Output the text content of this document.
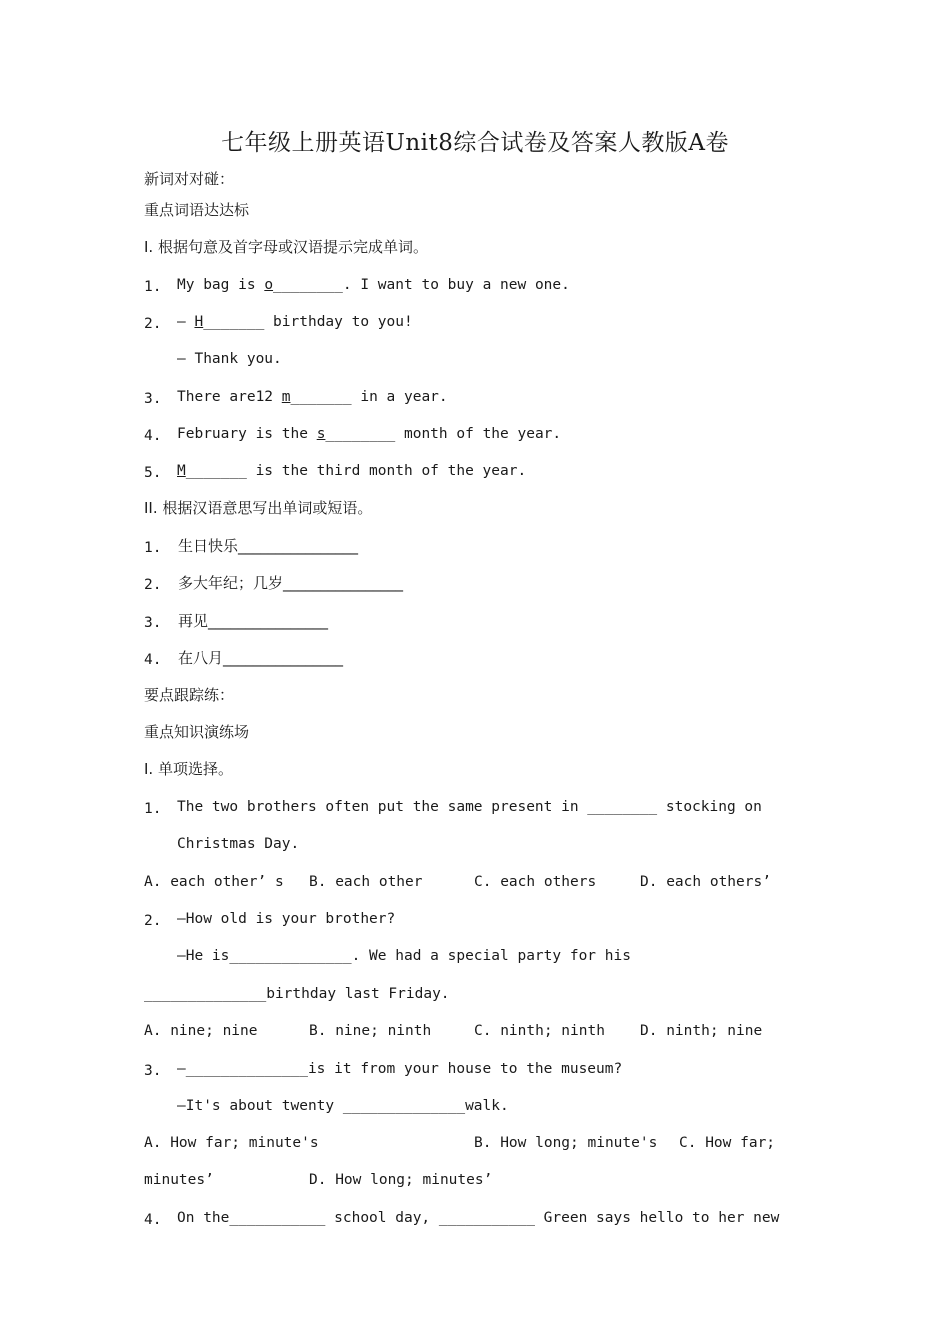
七年级上册英语Unit8综合试卷及答案人教版A卷
新词对对碰：
重点词语达达标
I. 根据句意及首字母或汉语提示完成单词。
1. My bag is o________. I want to buy a new one.
2. — H_______ birthday to you!
— Thank you.
3. There are12 m_______ in a year.
4. February is the s________ month of the year.
5. M_______ is the third month of the year.
II. 根据汉语意思写出单词或短语。
1. 生日快乐________________
2. 多大年纪；几岁________________
3. 再见________________
4. 在八月________________
要点跟踪练：
重点知识演练场
I. 单项选择。
1. The two brothers often put the same present in ________ stocking on
Christmas Day.
A. each other’ s B. each other	C. each others	D. each others’
2. —How old is your brother?
—He is______________. We had a special party for his
______________birthday last Friday.
A. nine; nine	B. nine; ninth	C. ninth; ninth D. ninth; nine
3. —______________is it from your house to the museum?
—It's about twenty ______________walk.
A. How far; minute's	B. How long; minute's C. How far;
minutes’	D. How long; minutes’
4. On the___________ school day, ___________ Green says hello to her new
